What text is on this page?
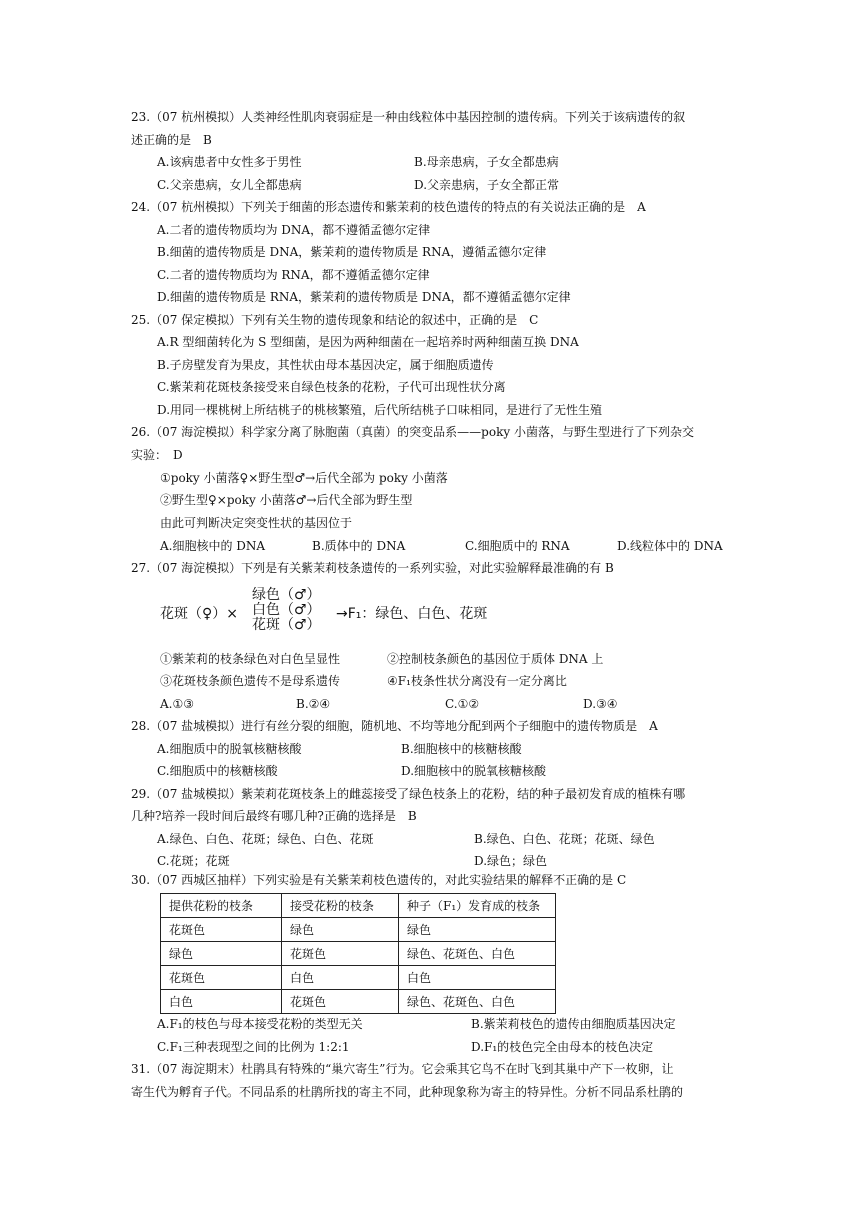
23.（07 杭州模拟）人类神经性肌肉衰弱症是一种由线粒体中基因控制的遗传病。下列关于该病遗传的叙
述正确的是　B
A.该病患者中女性多于男性	B.母亲患病，子女全都患病
C.父亲患病，女儿全都患病	D.父亲患病，子女全都正常
24.（07 杭州模拟）下列关于细菌的形态遗传和紫茉莉的枝色遗传的特点的有关说法正确的是　A
A.二者的遗传物质均为 DNA，都不遵循孟德尔定律
B.细菌的遗传物质是 DNA，紫茉莉的遗传物质是 RNA，遵循孟德尔定律
C.二者的遗传物质均为 RNA，都不遵循孟德尔定律
D.细菌的遗传物质是 RNA，紫茉莉的遗传物质是 DNA，都不遵循孟德尔定律
25.（07 保定模拟）下列有关生物的遗传现象和结论的叙述中，正确的是　C
A.R 型细菌转化为 S 型细菌，是因为两种细菌在一起培养时两种细菌互换 DNA
B.子房壁发育为果皮，其性状由母本基因决定，属于细胞质遗传
C.紫茉莉花斑枝条接受来自绿色枝条的花粉，子代可出现性状分离
D.用同一棵桃树上所结桃子的桃核繁殖，后代所结桃子口味相同，是进行了无性生殖
26.（07 海淀模拟）科学家分离了脉胞菌（真菌）的突变品系——poky 小菌落，与野生型进行了下列杂交
实验：　D
①poky 小菌落♀×野生型♂→后代全部为 poky 小菌落
②野生型♀×poky 小菌落♂→后代全部为野生型
由此可判断决定突变性状的基因位于
A.细胞核中的 DNA	B.质体中的 DNA	C.细胞质中的 RNA	D.线粒体中的 DNA
27.（07 海淀模拟）下列是有关紫茉莉枝条遗传的一系列实验，对此实验解释最准确的有 B
花斑（♀）×
绿色（♂）
白色（♂）
花斑（♂）
→F₁：绿色、白色、花斑
①紫茉莉的枝条绿色对白色呈显性	②控制枝条颜色的基因位于质体 DNA 上
③花斑枝条颜色遗传不是母系遗传	④F₁枝条性状分离没有一定分离比
A.①③	B.②④	C.①②	D.③④
28.（07 盐城模拟）进行有丝分裂的细胞，随机地、不均等地分配到两个子细胞中的遗传物质是　A
A.细胞质中的脱氧核糖核酸	B.细胞核中的核糖核酸
C.细胞质中的核糖核酸	D.细胞核中的脱氧核糖核酸
29.（07 盐城模拟）紫茉莉花斑枝条上的雌蕊接受了绿色枝条上的花粉，结的种子最初发育成的植株有哪
几种?培养一段时间后最终有哪几种?正确的选择是　B
A.绿色、白色、花斑；绿色、白色、花斑	B.绿色、白色、花斑；花斑、绿色
C.花斑；花斑	D.绿色；绿色
30.（07 西城区抽样）下列实验是有关紫茉莉枝色遗传的，对此实验结果的解释不正确的是 C
提供花粉的枝条	接受花粉的枝条	种子（F₁）发育成的枝条
花斑色	绿色	绿色
绿色	花斑色	绿色、花斑色、白色
花斑色	白色	白色
白色	花斑色	绿色、花斑色、白色
A.F₁的枝色与母本接受花粉的类型无关	B.紫茉莉枝色的遗传由细胞质基因决定
C.F₁三种表现型之间的比例为 1:2:1	D.F₁的枝色完全由母本的枝色决定
31.（07 海淀期末）杜鹃具有特殊的“巢穴寄生”行为。它会乘其它鸟不在时飞到其巢中产下一枚卵，让
寄生代为孵育子代。不同品系的杜鹃所找的寄主不同，此种现象称为寄主的特异性。分析不同品系杜鹃的
